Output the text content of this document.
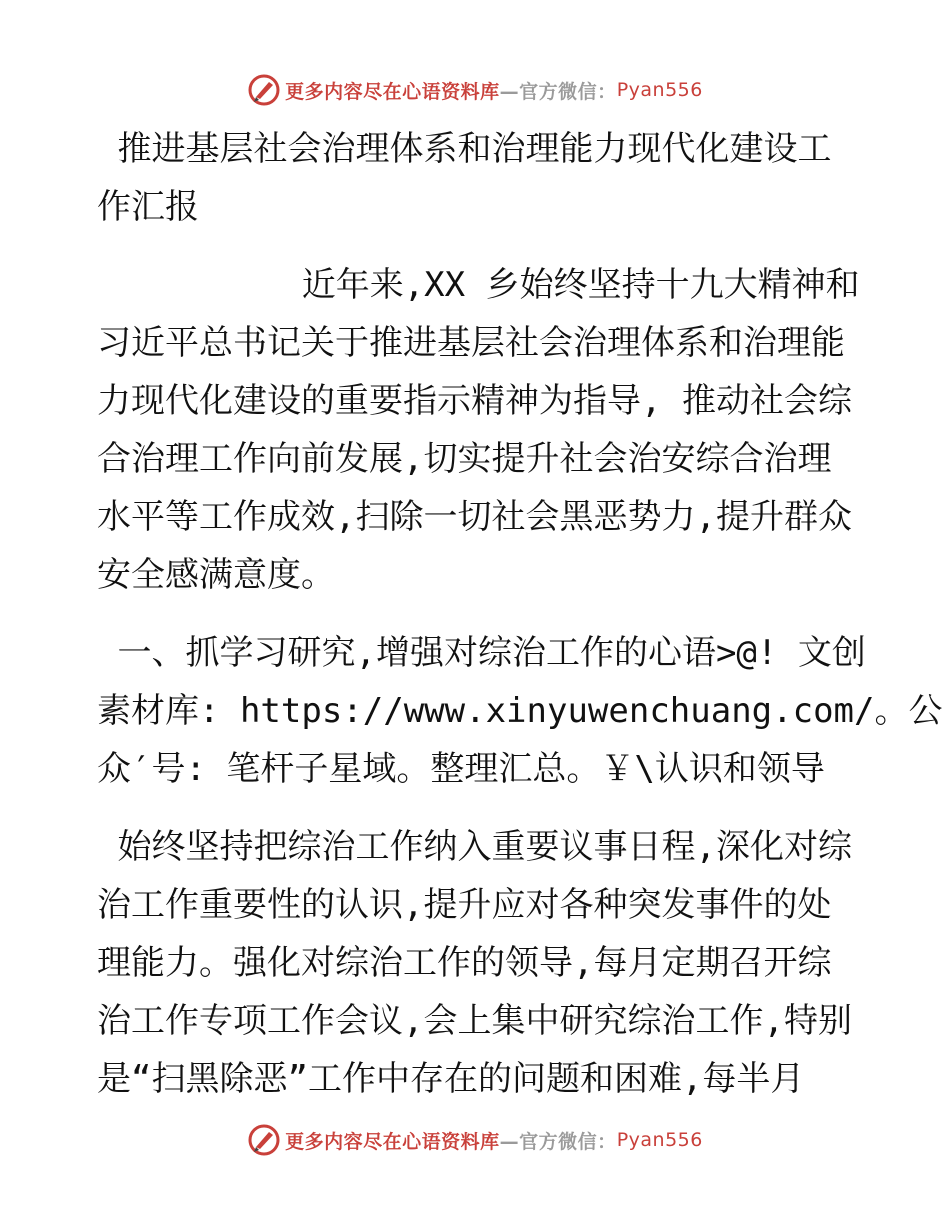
更多内容尽在心语资料库 —官方微信： Pyan556
推进基层社会治理体系和治理能力现代化建设工
作汇报
近年来,XX 乡始终坚持十九大精神和
习近平总书记关于推进基层社会治理体系和治理能
力现代化建设的重要指示精神为指导, 推动社会综
合治理工作向前发展,切实提升社会治安综合治理
水平等工作成效,扫除一切社会黑恶势力,提升群众
安全感满意度。
一、抓学习研究,增强对综治工作的心语>@! 文创
素材库: https://www.xinyuwenchuang.com/。公
众′号: 笔杆子星域。整理汇总。￥\认识和领导
始终坚持把综治工作纳入重要议事日程,深化对综
治工作重要性的认识,提升应对各种突发事件的处
理能力。强化对综治工作的领导,每月定期召开综
治工作专项工作会议,会上集中研究综治工作,特别
是“扫黑除恶”工作中存在的问题和困难,每半月
更多内容尽在心语资料库 —官方微信： Pyan556
